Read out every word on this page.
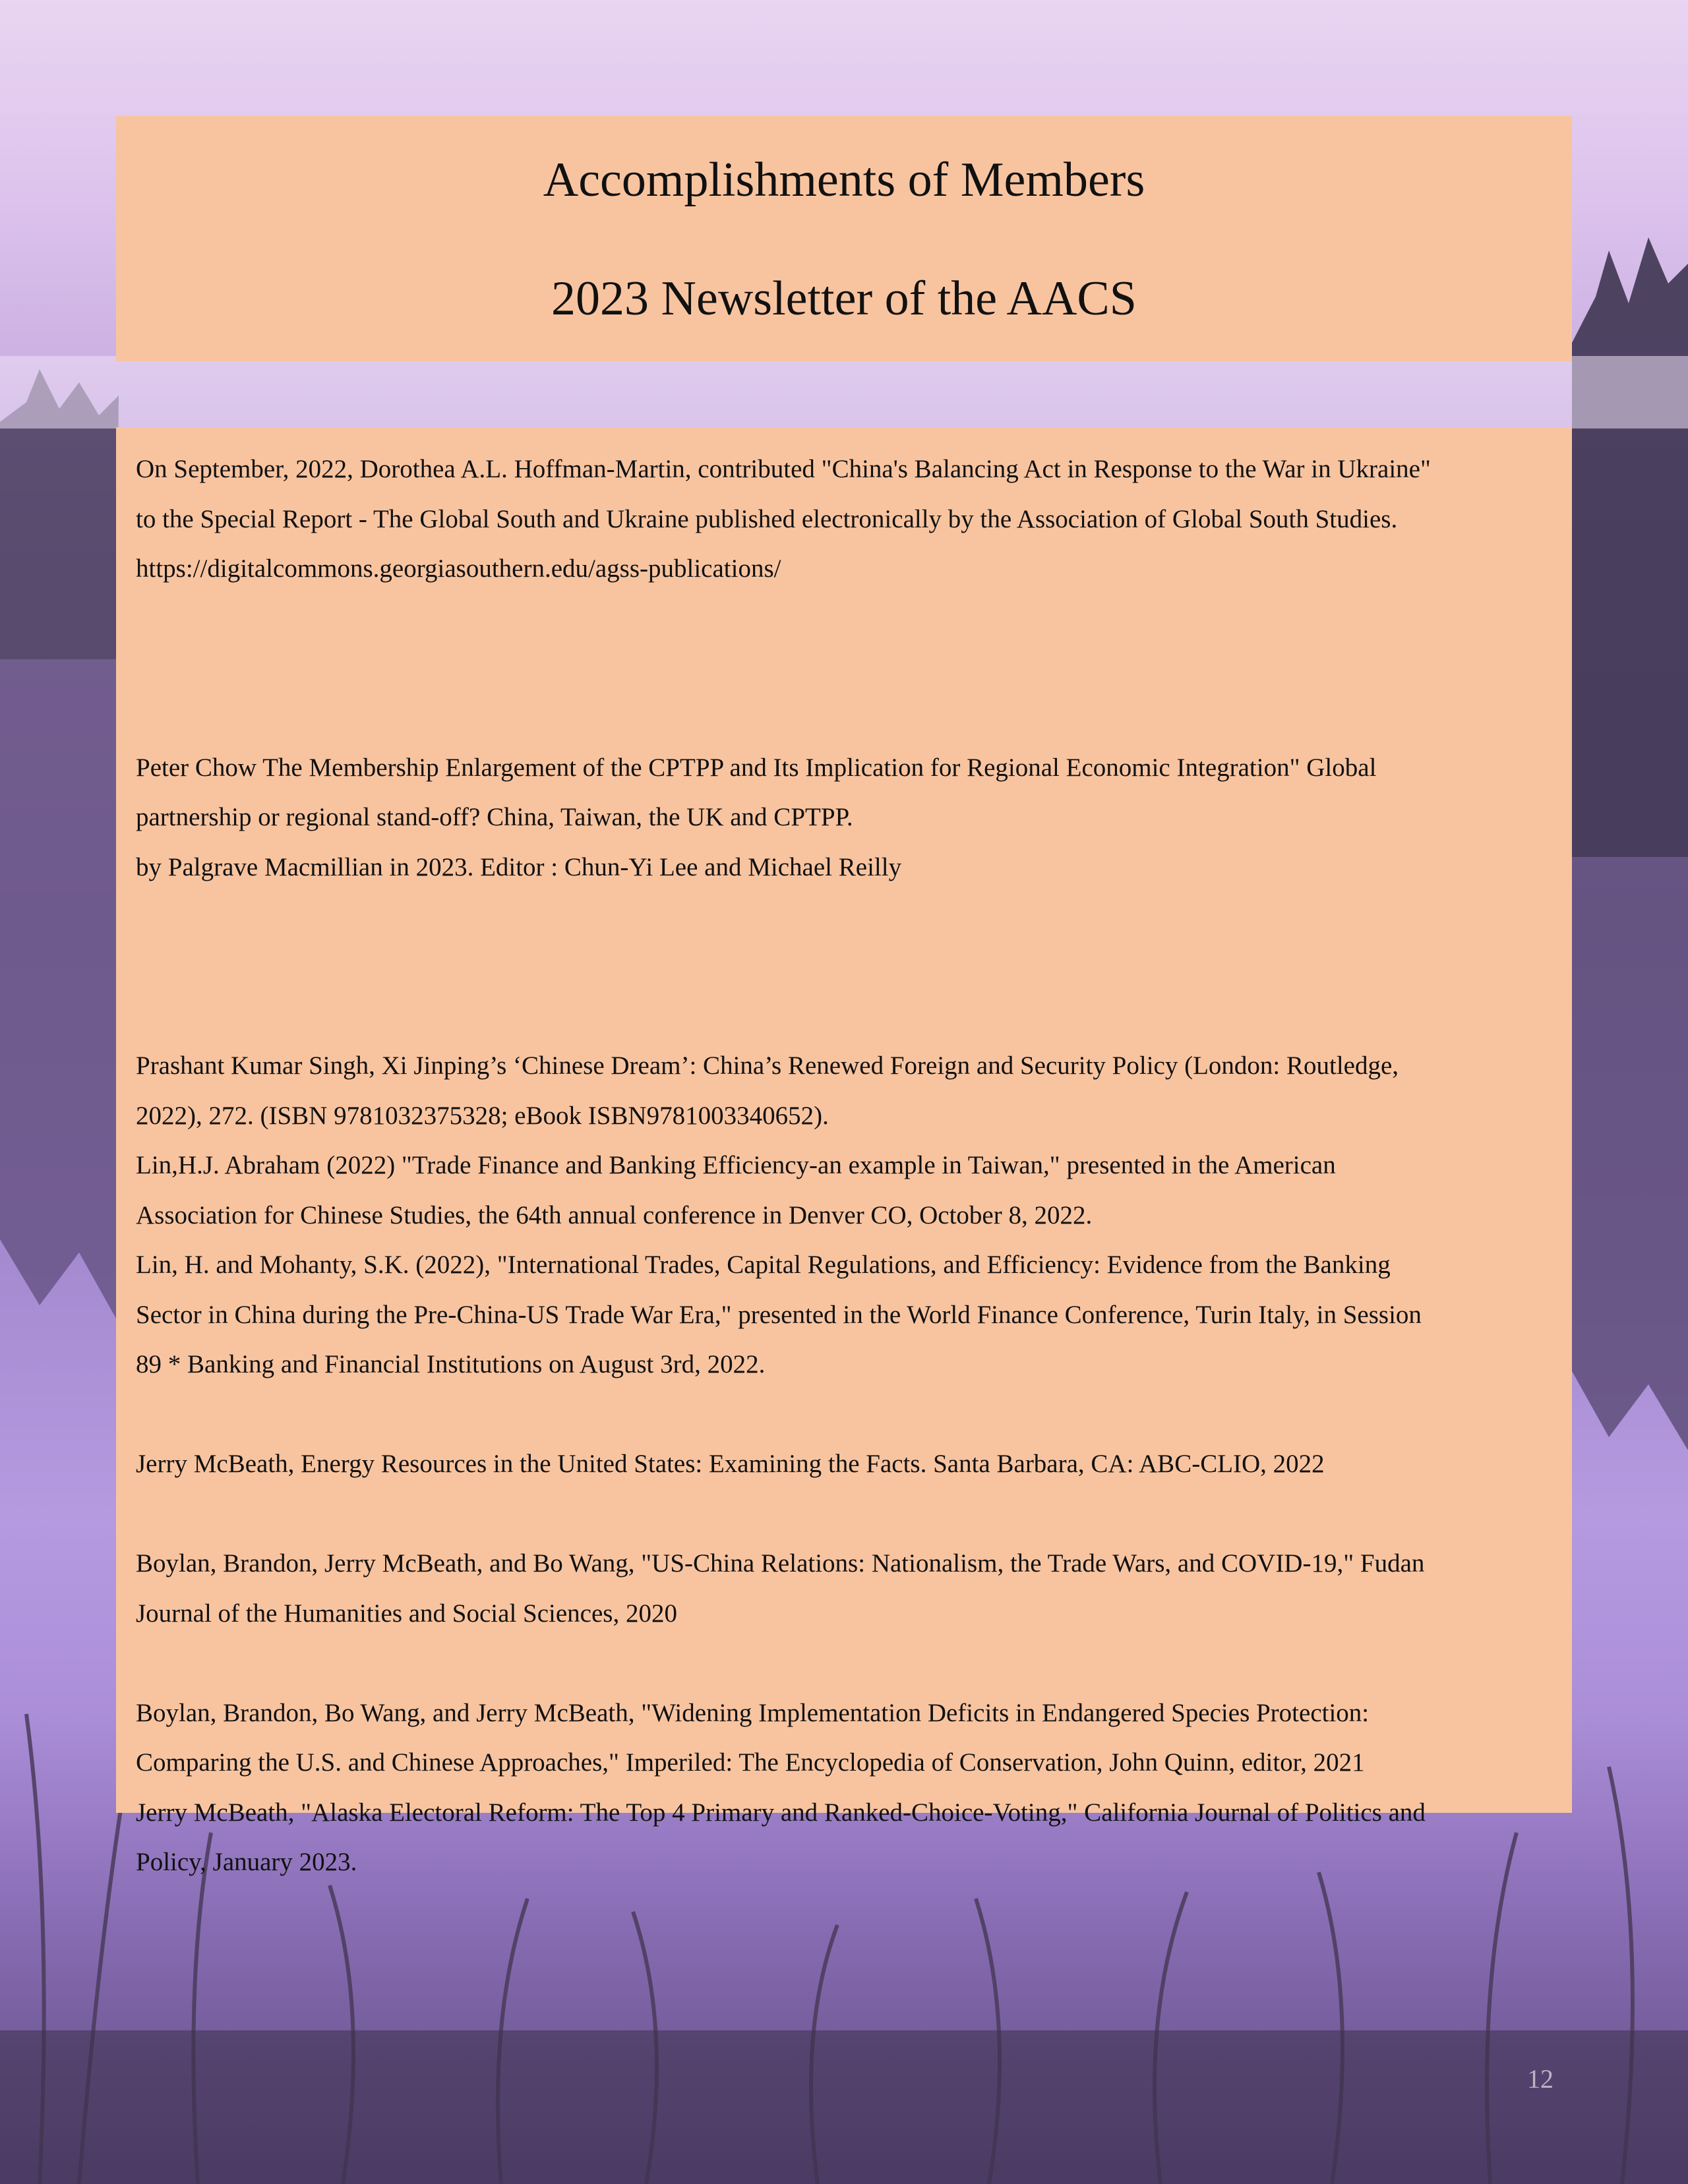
Accomplishments of Members
2023 Newsletter of the AACS

On September, 2022, Dorothea A.L. Hoffman-Martin, contributed "China's Balancing Act in Response to the War in Ukraine"

to the Special Report - The Global South and Ukraine published electronically by the Association of Global South Studies.

https://digitalcommons.georgiasouthern.edu/agss-publications/

Peter Chow The Membership Enlargement of the CPTPP and Its Implication for Regional Economic Integration" Global

partnership or regional stand-off? China, Taiwan, the UK and CPTPP.

by Palgrave Macmillian in 2023. Editor : Chun-Yi Lee and Michael Reilly

Prashant Kumar Singh, Xi Jinping’s ‘Chinese Dream’: China’s Renewed Foreign and Security Policy (London: Routledge,

2022), 272. (ISBN 9781032375328; eBook ISBN9781003340652).

Lin,H.J. Abraham (2022) "Trade Finance and Banking Efficiency-an example in Taiwan," presented in the American

Association for Chinese Studies, the 64th annual conference in Denver CO, October 8, 2022.

Lin, H. and Mohanty, S.K. (2022), "International Trades, Capital Regulations, and Efficiency: Evidence from the Banking

Sector in China during the Pre-China-US Trade War Era," presented in the World Finance Conference, Turin Italy, in Session

89 * Banking and Financial Institutions on August 3rd, 2022.

Jerry McBeath, Energy Resources in the United States: Examining the Facts. Santa Barbara, CA: ABC-CLIO, 2022

Boylan, Brandon, Jerry McBeath, and Bo Wang, "US-China Relations: Nationalism, the Trade Wars, and COVID-19," Fudan

Journal of the Humanities and Social Sciences, 2020

Boylan, Brandon, Bo Wang, and Jerry McBeath, "Widening Implementation Deficits in Endangered Species Protection:

Comparing the U.S. and Chinese Approaches," Imperiled: The Encyclopedia of Conservation, John Quinn, editor, 2021

Jerry McBeath, "Alaska Electoral Reform: The Top 4 Primary and Ranked-Choice-Voting," California Journal of Politics and

Policy, January 2023.

12
